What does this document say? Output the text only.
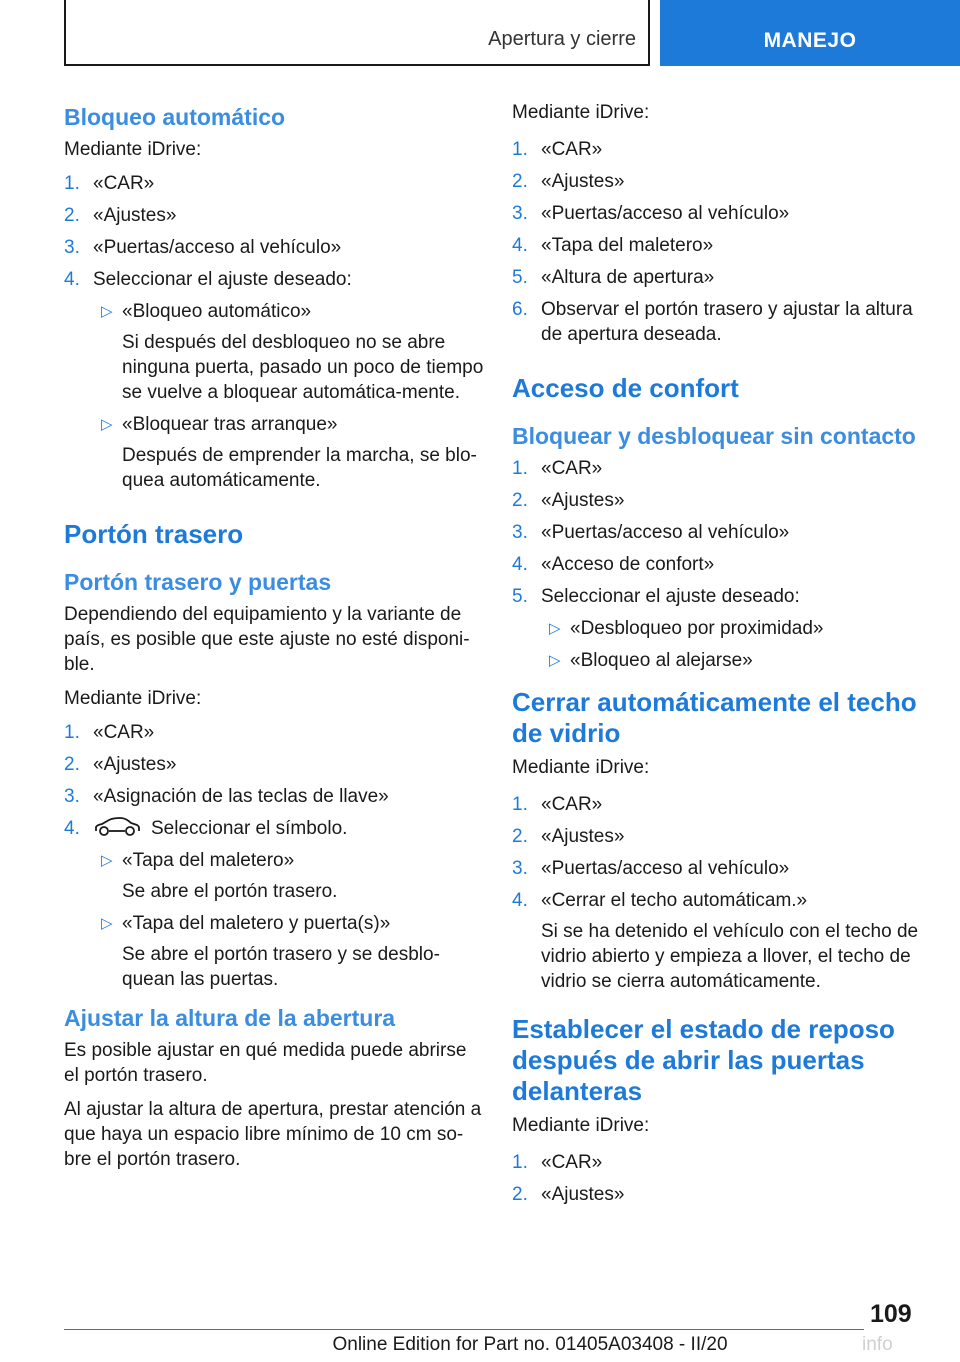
Apertura y cierre	MANEJO
Bloqueo automático
Mediante iDrive:
1. «CAR»
2. «Ajustes»
3. «Puertas/acceso al vehículo»
4. Seleccionar el ajuste deseado:
▷ «Bloqueo automático»
Si después del desbloqueo no se abre ninguna puerta, pasado un poco de tiempo se vuelve a bloquear automática-mente.
▷ «Bloquear tras arranque»
Después de emprender la marcha, se blo-quea automáticamente.
Portón trasero
Portón trasero y puertas
Dependiendo del equipamiento y la variante de país, es posible que este ajuste no esté disponi-ble.
Mediante iDrive:
1. «CAR»
2. «Ajustes»
3. «Asignación de las teclas de llave»
4.	Seleccionar el símbolo.
▷ «Tapa del maletero»
Se abre el portón trasero.
▷ «Tapa del maletero y puerta(s)»
Se abre el portón trasero y se desblo-quean las puertas.
Ajustar la altura de la abertura
Es posible ajustar en qué medida puede abrirse el portón trasero.
Al ajustar la altura de apertura, prestar atención a que haya un espacio libre mínimo de 10 cm so-bre el portón trasero.
Mediante iDrive:
1. «CAR»
2. «Ajustes»
3. «Puertas/acceso al vehículo»
4. «Tapa del maletero»
5. «Altura de apertura»
6. Observar el portón trasero y ajustar la altura de apertura deseada.
Acceso de confort
Bloquear y desbloquear sin contacto
1. «CAR»
2. «Ajustes»
3. «Puertas/acceso al vehículo»
4. «Acceso de confort»
5. Seleccionar el ajuste deseado:
▷ «Desbloqueo por proximidad»
▷ «Bloqueo al alejarse»
Cerrar automáticamente el techo de vidrio
Mediante iDrive:
1. «CAR»
2. «Ajustes»
3. «Puertas/acceso al vehículo»
4. «Cerrar el techo automáticam.»
Si se ha detenido el vehículo con el techo de vidrio abierto y empieza a llover, el techo de vidrio se cierra automáticamente.
Establecer el estado de reposo después de abrir las puertas delanteras
Mediante iDrive:
1. «CAR»
2. «Ajustes»
109
Online Edition for Part no. 01405A03408 - II/20	info
